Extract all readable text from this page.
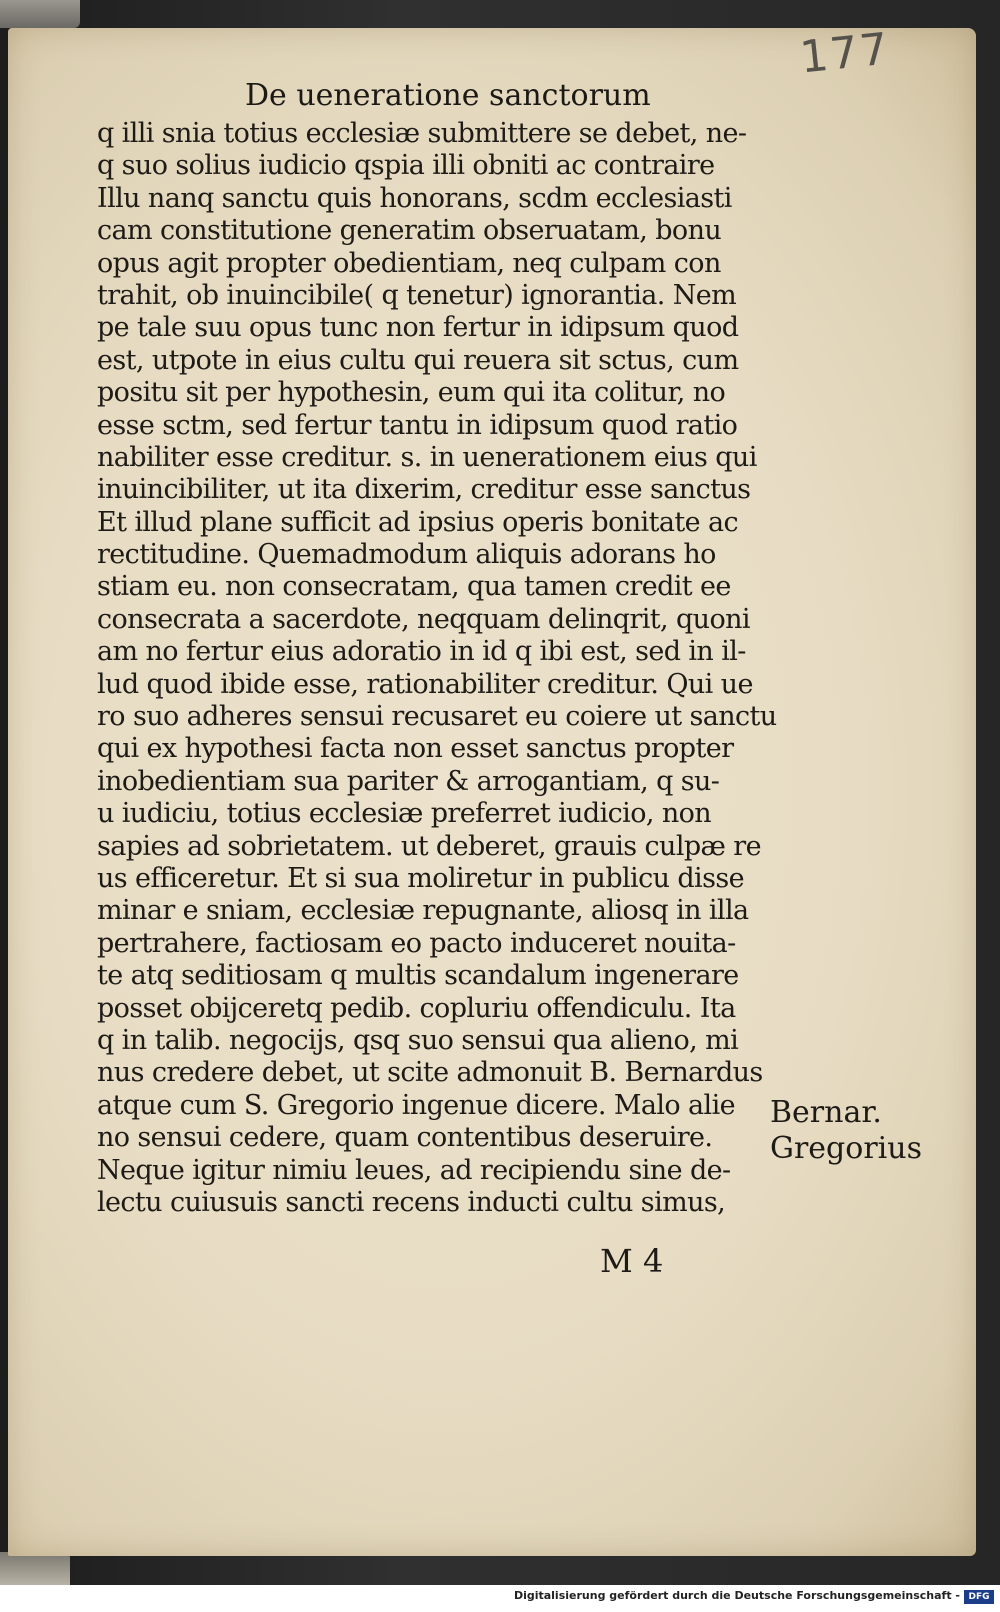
177
De ueneratione sanctorum
q illi snia totius ecclesiæ submittere se debet, ne-
q suo solius iudicio qspia illi obniti ac contraire
Illu nanq sanctu quis honorans, scdm ecclesiasti
cam constitutione generatim obseruatam, bonu
opus agit propter obedientiam, neq culpam con
trahit, ob inuincibile( q tenetur) ignorantia. Nem
pe tale suu opus tunc non fertur in idipsum quod
est, utpote in eius cultu qui reuera sit sctus, cum
positu sit per hypothesin, eum qui ita colitur, no
esse sctm, sed fertur tantu in idipsum quod ratio
nabiliter esse creditur. s. in uenerationem eius qui
inuincibiliter, ut ita dixerim, creditur esse sanctus
Et illud plane sufficit ad ipsius operis bonitate ac
rectitudine. Quemadmodum aliquis adorans ho
stiam eu. non consecratam, qua tamen credit ee
consecrata a sacerdote, neqquam delinqrit, quoni
am no fertur eius adoratio in id q ibi est, sed in il-
lud quod ibide esse, rationabiliter creditur. Qui ue
ro suo adheres sensui recusaret eu coiere ut sanctu
qui ex hypothesi facta non esset sanctus propter
inobedientiam sua pariter & arrogantiam, q su-
u iudiciu, totius ecclesiæ preferret iudicio, non
sapies ad sobrietatem. ut deberet, grauis culpæ re
us efficeretur. Et si sua moliretur in publicu disse
minar e sniam, ecclesiæ repugnante, aliosq in illa
pertrahere, factiosam eo pacto induceret nouita-
te atq seditiosam q multis scandalum ingenerare
posset obijceretq pedib. copluriu offendiculu. Ita
q in talib. negocijs, qsq suo sensui qua alieno, mi
nus credere debet, ut scite admonuit B. Bernardus
atque cum S. Gregorio ingenue dicere. Malo alie
no sensui cedere, quam contentibus deseruire.
Neque igitur nimiu leues, ad recipiendu sine de-
lectu cuiusuis sancti recens inducti cultu simus,
Bernar.
Gregorius
M 4
Digitalisierung gefördert durch die Deutsche Forschungsgemeinschaft - DFG
